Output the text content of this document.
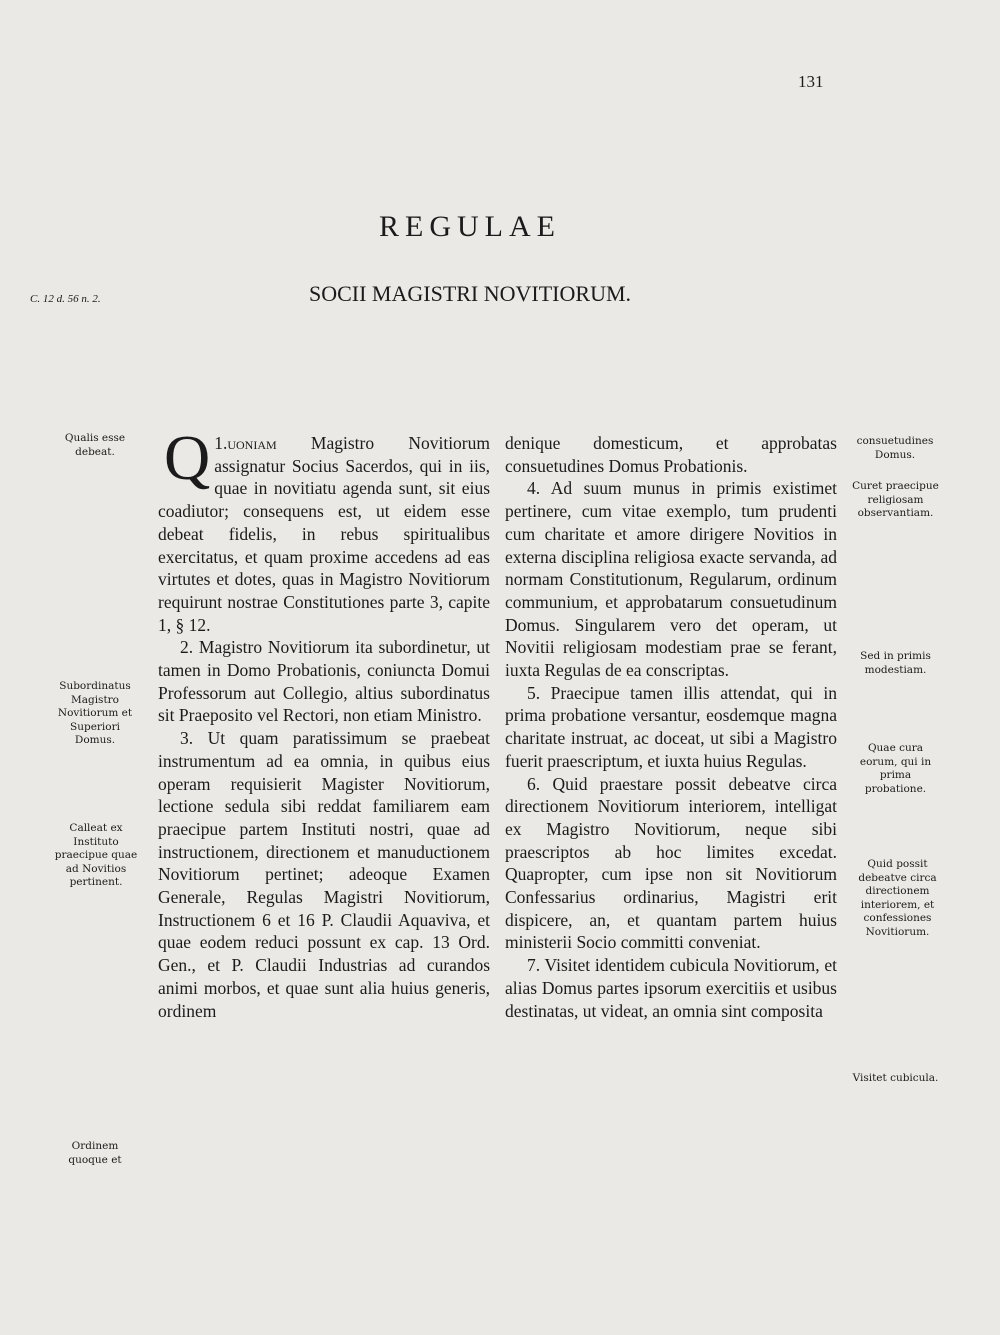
131
REGULAE
SOCII MAGISTRI NOVITIORUM.
C. 12 d. 56 n. 2.
Qualis esse debeat.
Subordinatus Magistro Novitiorum et Superiori Domus.
Calleat ex Instituto praecipue quae ad Novitios pertinent.
Ordinem quoque et
consuetudines Domus.
Curet praecipue religiosam observantiam.
Sed in primis modestiam.
Quae cura eorum, qui in prima probatione.
Quid possit debeatve circa directionem interiorem, et confessiones Novitiorum.
Visitet cubicula.

1.
Q uoniam Magistro Novitiorum assignatur Socius Sacerdos, qui in iis, quae in novitiatu agenda sunt, sit eius coadiutor; consequens est, ut eidem esse debeat fidelis, in rebus spiritualibus exercitatus, et quam proxime accedens ad eas virtutes et dotes, quas in Magistro Novitiorum requirunt nostrae Constitutiones parte 3, capite 1, § 12.

2. Magistro Novitiorum ita subordinetur, ut tamen in Domo Probationis, coniuncta Domui Professorum aut Collegio, altius subordinatus sit Praeposito vel Rectori, non etiam Ministro.

3. Ut quam paratissimum se praebeat instrumentum ad ea omnia, in quibus eius operam requisierit Magister Novitiorum, lectione sedula sibi reddat familiarem eam praecipue partem Instituti nostri, quae ad instructionem, directionem et manuductionem Novitiorum pertinet; adeoque Examen Generale, Regulas Magistri Novitiorum, Instructionem 6 et 16 P. Claudii Aquaviva, et quae eodem reduci possunt ex cap. 13 Ord. Gen., et P. Claudii Industrias ad curandos animi morbos, et quae sunt alia huius generis, ordinem

denique domesticum, et approbatas consuetudines Domus Probationis.

4. Ad suum munus in primis existimet pertinere, cum vitae exemplo, tum prudenti cum charitate et amore dirigere Novitios in externa disciplina religiosa exacte servanda, ad normam Constitutionum, Regularum, ordinum communium, et approbatarum consuetudinum Domus. Singularem vero det operam, ut Novitii religiosam modestiam prae se ferant, iuxta Regulas de ea conscriptas.

5. Praecipue tamen illis attendat, qui in prima probatione versantur, eosdemque magna charitate instruat, ac doceat, ut sibi a Magistro fuerit praescriptum, et iuxta huius Regulas.

6. Quid praestare possit debeatve circa directionem Novitiorum interiorem, intelligat ex Magistro Novitiorum, neque sibi praescriptos ab hoc limites excedat. Quapropter, cum ipse non sit Novitiorum Confessarius ordinarius, Magistri erit dispicere, an, et quantam partem huius ministerii Socio committi conveniat.

7. Visitet identidem cubicula Novitiorum, et alias Domus partes ipsorum exercitiis et usibus destinatas, ut videat, an omnia sint composita
